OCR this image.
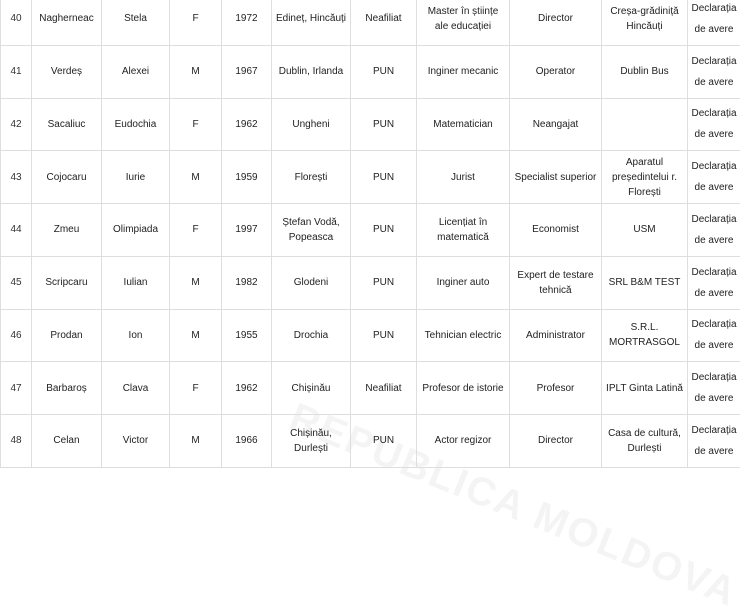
40	Nagherneac	Stela	F	1972	Edineț, Hincăuți	Neafiliat	Master în științe ale educației	Director	Creșa-grădiniță Hincăuți	Declarația de avere

41	Verdeș	Alexei	M	1967	Dublin, Irlanda	PUN	Inginer mecanic	Operator	Dublin Bus	Declarația de avere

42	Sacaliuc	Eudochia	F	1962	Ungheni	PUN	Matematician	Neangajat		Declarația de avere

43	Cojocaru	Iurie	M	1959	Florești	PUN	Jurist	Specialist superior	Aparatul președintelui r. Florești	Declarația de avere

44	Zmeu	Olimpiada	F	1997	Ștefan Vodă, Popeasca	PUN	Licențiat în matematică	Economist	USM	Declarația de avere

45	Scripcaru	Iulian	M	1982	Glodeni	PUN	Inginer auto	Expert de testare tehnică	SRL B&M TEST	Declarația de avere

46	Prodan	Ion	M	1955	Drochia	PUN	Tehnician electric	Administrator	S.R.L. MORTRASGOL	Declarația de avere

47	Barbaroș	Clava	F	1962	Chișinău	Neafiliat	Profesor de istorie	Profesor	IPLT Ginta Latină	Declarația de avere

48	Celan	Victor	M	1966	Chișinău, Durlești	PUN	Actor regizor	Director	Casa de cultură, Durlești	Declarația de avere
